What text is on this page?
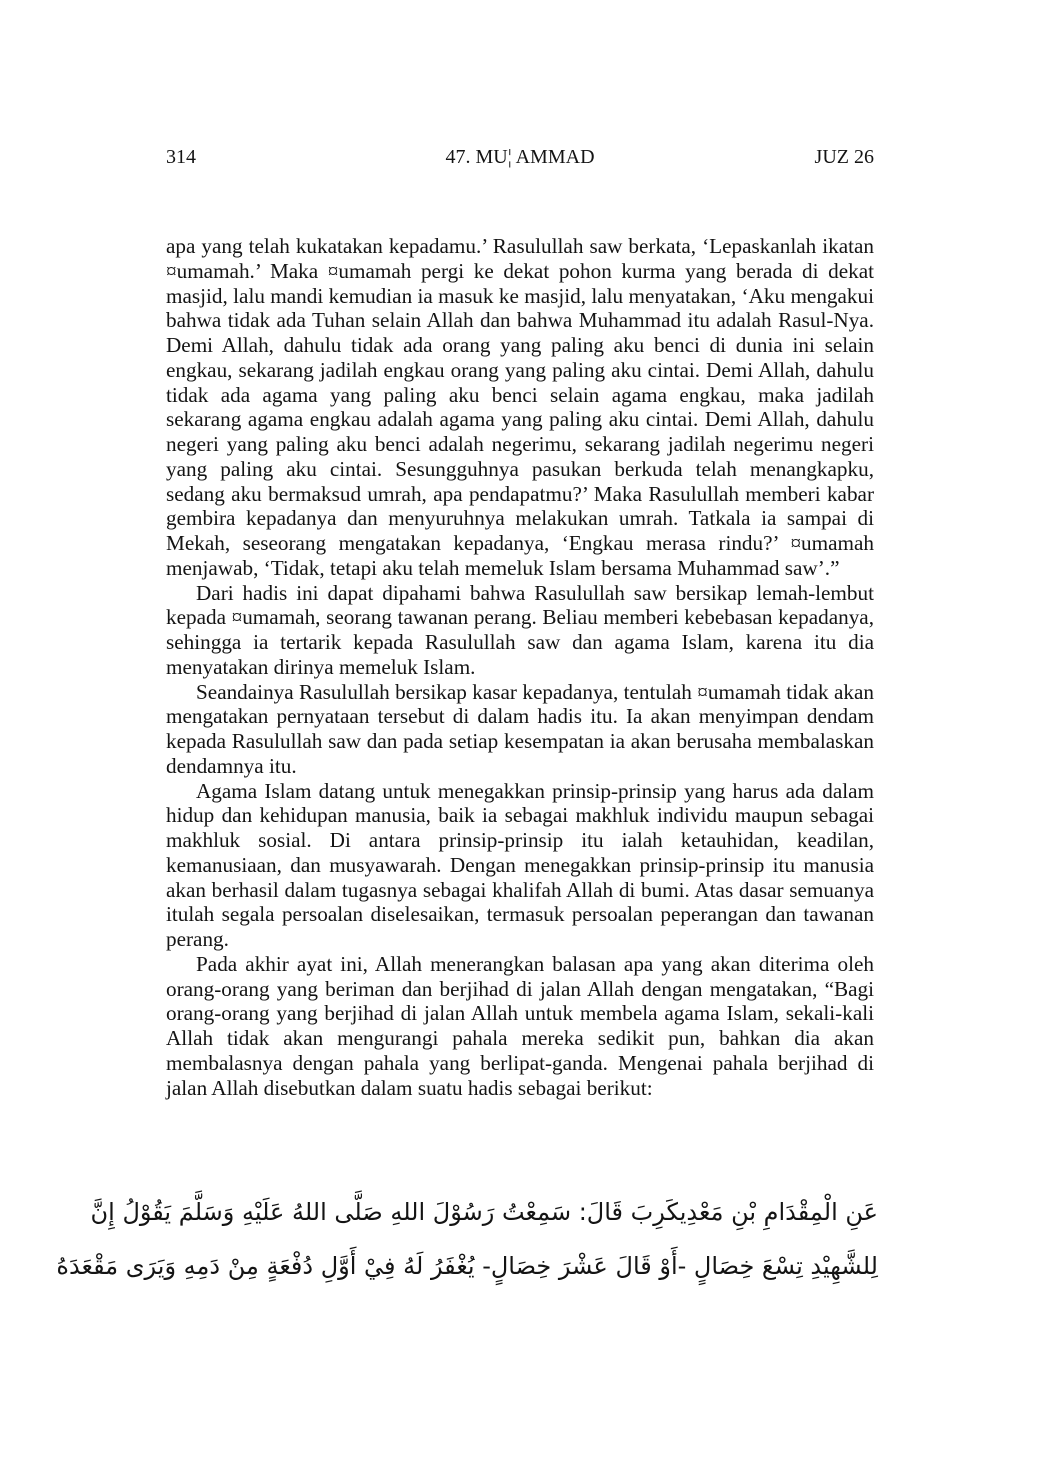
314	47. MU¦ AMMAD	JUZ 26

apa yang telah kukatakan kepadamu.’ Rasulullah saw berkata, ‘Lepaskanlah ikatan ¤umamah.’ Maka ¤umamah pergi ke dekat pohon kurma yang berada di dekat masjid, lalu mandi kemudian ia masuk ke masjid, lalu menyatakan, ‘Aku mengakui bahwa tidak ada Tuhan selain Allah dan bahwa Muhammad itu adalah Rasul-Nya. Demi Allah, dahulu tidak ada orang yang paling aku benci di dunia ini selain engkau, sekarang jadilah engkau orang yang paling aku cintai. Demi Allah, dahulu tidak ada agama yang paling aku benci selain agama engkau, maka jadilah sekarang agama engkau adalah agama yang paling aku cintai. Demi Allah, dahulu negeri yang paling aku benci adalah negerimu, sekarang jadilah negerimu negeri yang paling aku cintai. Sesungguhnya pasukan berkuda telah menangkapku, sedang aku bermaksud umrah, apa pendapatmu?’ Maka Rasulullah memberi kabar gembira kepadanya dan menyuruhnya melakukan umrah. Tatkala ia sampai di Mekah, seseorang mengatakan kepadanya, ‘Engkau merasa rindu?’ ¤umamah menjawab, ‘Tidak, tetapi aku telah memeluk Islam bersama Muhammad saw’.”

Dari hadis ini dapat dipahami bahwa Rasulullah saw bersikap lemah-lembut kepada ¤umamah, seorang tawanan perang. Beliau memberi kebebasan kepadanya, sehingga ia tertarik kepada Rasulullah saw dan agama Islam, karena itu dia menyatakan dirinya memeluk Islam.

Seandainya Rasulullah bersikap kasar kepadanya, tentulah ¤umamah tidak akan mengatakan pernyataan tersebut di dalam hadis itu. Ia akan menyimpan dendam kepada Rasulullah saw dan pada setiap kesempatan ia akan berusaha membalaskan dendamnya itu.

Agama Islam datang untuk menegakkan prinsip-prinsip yang harus ada dalam hidup dan kehidupan manusia, baik ia sebagai makhluk individu maupun sebagai makhluk sosial. Di antara prinsip-prinsip itu ialah ketauhidan, keadilan, kemanusiaan, dan musyawarah. Dengan menegakkan prinsip-prinsip itu manusia akan berhasil dalam tugasnya sebagai khalifah Allah di bumi. Atas dasar semuanya itulah segala persoalan diselesaikan, termasuk persoalan peperangan dan tawanan perang.

Pada akhir ayat ini, Allah menerangkan balasan apa yang akan diterima oleh orang-orang yang beriman dan berjihad di jalan Allah dengan mengatakan, “Bagi orang-orang yang berjihad di jalan Allah untuk membela agama Islam, sekali-kali Allah tidak akan mengurangi pahala mereka sedikit pun, bahkan dia akan membalasnya dengan pahala yang berlipat-ganda. Mengenai pahala berjihad di jalan Allah disebutkan dalam suatu hadis sebagai berikut:

عَنِ الْمِقْدَامِ بْنِ مَعْدِيكَرِبَ قَالَ: سَمِعْتُ رَسُوْلَ اللهِ صَلَّى اللهُ عَلَيْهِ وَسَلَّمَ يَقُوْلُ إِنَّ
لِلشَّهِيْدِ تِسْعَ خِصَالٍ -أَوْ قَالَ عَشْرَ خِصَالٍ- يُغْفَرُ لَهُ فِيْ أَوَّلِ دُفْعَةٍ مِنْ دَمِهِ وَيَرَى مَقْعَدَهُ
